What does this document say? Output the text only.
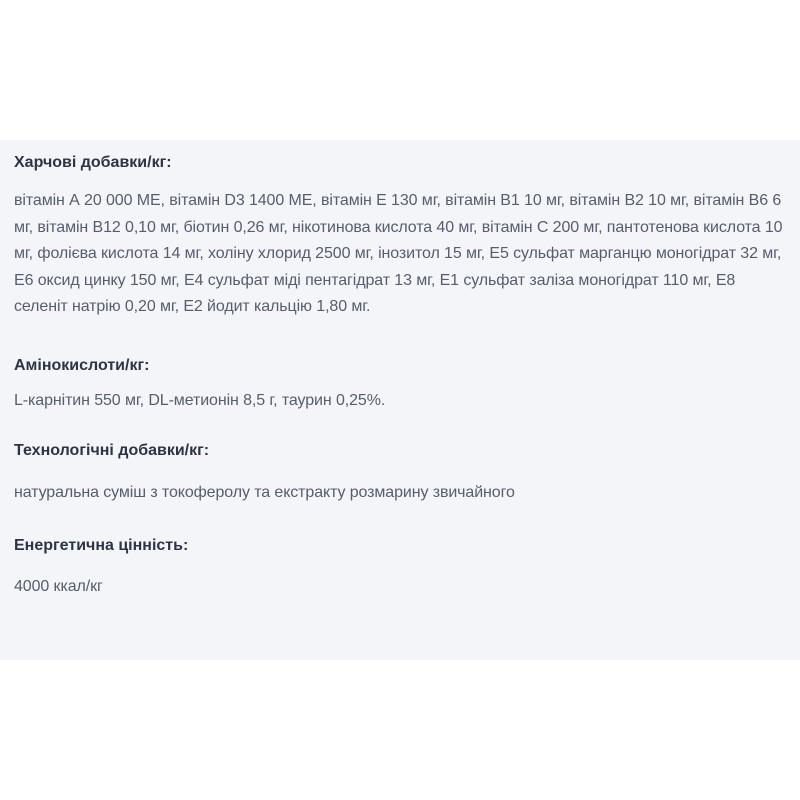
Харчові добавки/кг:

вітамін А 20 000 МЕ, вітамін D3 1400 МЕ, вітамін Е 130 мг, вітамін В1 10 мг, вітамін В2 10 мг, вітамін В6 6 мг, вітамін В12 0,10 мг, біотин 0,26 мг, нікотинова кислота 40 мг, вітамін С 200 мг, пантотенова кислота 10 мг, фолієва кислота 14 мг, холіну хлорид 2500 мг, інозитол 15 мг, Е5 сульфат марганцю моногідрат 32 мг, Е6 оксид цинку 150 мг, Е4 сульфат міді пентагідрат 13 мг, Е1 сульфат заліза моногідрат 110 мг, Е8 селеніт натрію 0,20 мг, Е2 йодит кальцію 1,80 мг.

Амінокислоти/кг:

L-карнітин 550 мг, DL-метионін 8,5 г, таурин 0,25%.

Технологічні добавки/кг:

натуральна суміш з токоферолу та екстракту розмарину звичайного

Енергетична цінність:

4000 ккал/кг
